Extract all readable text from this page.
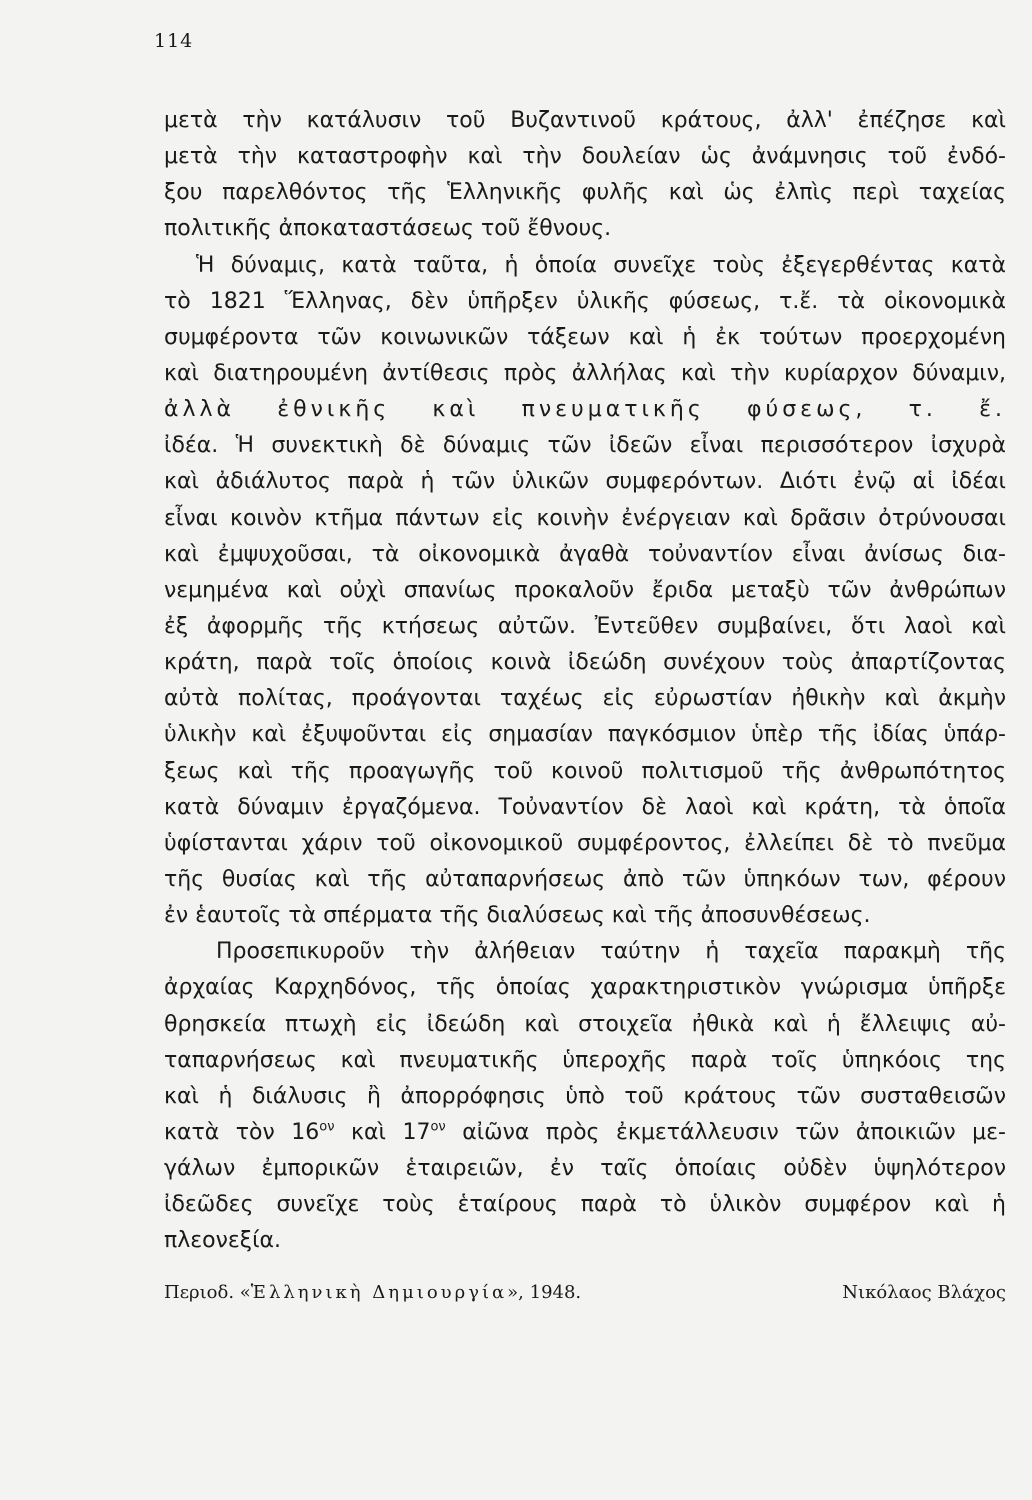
114
μετὰ τὴν κατάλυσιν τοῦ Βυζαντινοῦ κράτους, ἀλλ' ἐπέζησε καὶ
μετὰ τὴν καταστροφὴν καὶ τὴν δουλείαν ὡς ἀνάμνησις τοῦ ἐνδό-
ξου παρελθόντος τῆς Ἑλληνικῆς φυλῆς καὶ ὡς ἐλπὶς περὶ ταχείας
πολιτικῆς ἀποκαταστάσεως τοῦ ἔθνους.
Ἡ δύναμις, κατὰ ταῦτα, ἡ ὁποία συνεῖχε τοὺς ἐξεγερθέντας κατὰ
τὸ 1821 Ἕλληνας, δὲν ὑπῆρξεν ὑλικῆς φύσεως, τ.ἔ. τὰ οἰκονομικὰ
συμφέροντα τῶν κοινωνικῶν τάξεων καὶ ἡ ἐκ τούτων προερχομένη
καὶ διατηρουμένη ἀντίθεσις πρὸς ἀλλήλας καὶ τὴν κυρίαρχον δύναμιν,
ἀλλὰ ἐθνικῆς καὶ πνευματικῆς φύσεως, τ. ἔ.
ἰδέα. Ἡ συνεκτικὴ δὲ δύναμις τῶν ἰδεῶν εἶναι περισσότερον ἰσχυρὰ
καὶ ἀδιάλυτος παρὰ ἡ τῶν ὑλικῶν συμφερόντων. Διότι ἐνῷ αἱ ἰδέαι
εἶναι κοινὸν κτῆμα πάντων εἰς κοινὴν ἐνέργειαν καὶ δρᾶσιν ὀτρύνουσαι
καὶ ἐμψυχοῦσαι, τὰ οἰκονομικὰ ἀγαθὰ τοὐναντίον εἶναι ἀνίσως δια-
νεμημένα καὶ οὐχὶ σπανίως προκαλοῦν ἔριδα μεταξὺ τῶν ἀνθρώπων
ἐξ ἀφορμῆς τῆς κτήσεως αὐτῶν. Ἐντεῦθεν συμβαίνει, ὅτι λαοὶ καὶ
κράτη, παρὰ τοῖς ὁποίοις κοινὰ ἰδεώδη συνέχουν τοὺς ἀπαρτίζοντας
αὐτὰ πολίτας, προάγονται ταχέως εἰς εὐρωστίαν ἠθικὴν καὶ ἀκμὴν
ὑλικὴν καὶ ἐξυψοῦνται εἰς σημασίαν παγκόσμιον ὑπὲρ τῆς ἰδίας ὑπάρ-
ξεως καὶ τῆς προαγωγῆς τοῦ κοινοῦ πολιτισμοῦ τῆς ἀνθρωπότητος
κατὰ δύναμιν ἐργαζόμενα. Τοὐναντίον δὲ λαοὶ καὶ κράτη, τὰ ὁποῖα
ὑφίστανται χάριν τοῦ οἰκονομικοῦ συμφέροντος, ἐλλείπει δὲ τὸ πνεῦμα
τῆς θυσίας καὶ τῆς αὐταπαρνήσεως ἀπὸ τῶν ὑπηκόων των, φέρουν
ἐν ἑαυτοῖς τὰ σπέρματα τῆς διαλύσεως καὶ τῆς ἀποσυνθέσεως.
Προσεπικυροῦν τὴν ἀλήθειαν ταύτην ἡ ταχεῖα παρακμὴ τῆς
ἀρχαίας Καρχηδόνος, τῆς ὁποίας χαρακτηριστικὸν γνώρισμα ὑπῆρξε
θρησκεία πτωχὴ εἰς ἰδεώδη καὶ στοιχεῖα ἠθικὰ καὶ ἡ ἔλλειψις αὐ-
ταπαρνήσεως καὶ πνευματικῆς ὑπεροχῆς παρὰ τοῖς ὑπηκόοις της
καὶ ἡ διάλυσις ἢ ἀπορρόφησις ὑπὸ τοῦ κράτους τῶν συσταθεισῶν
κατὰ τὸν $16^{o\nu}$ καὶ $17^{o\nu}$ αἰῶνα πρὸς ἐκμετάλλευσιν τῶν ἀποικιῶν με-
γάλων ἐμπορικῶν ἑταιρειῶν, ἐν ταῖς ὁποίαις οὐδὲν ὑψηλότερον
ἰδεῶδες συνεῖχε τοὺς ἑταίρους παρὰ τὸ ὑλικὸν συμφέρον καὶ ἡ
πλεονεξία.
Περιοδ. «Ἑλληνικὴ Δημιουργία», 1948.	Νικόλαος Βλάχος
